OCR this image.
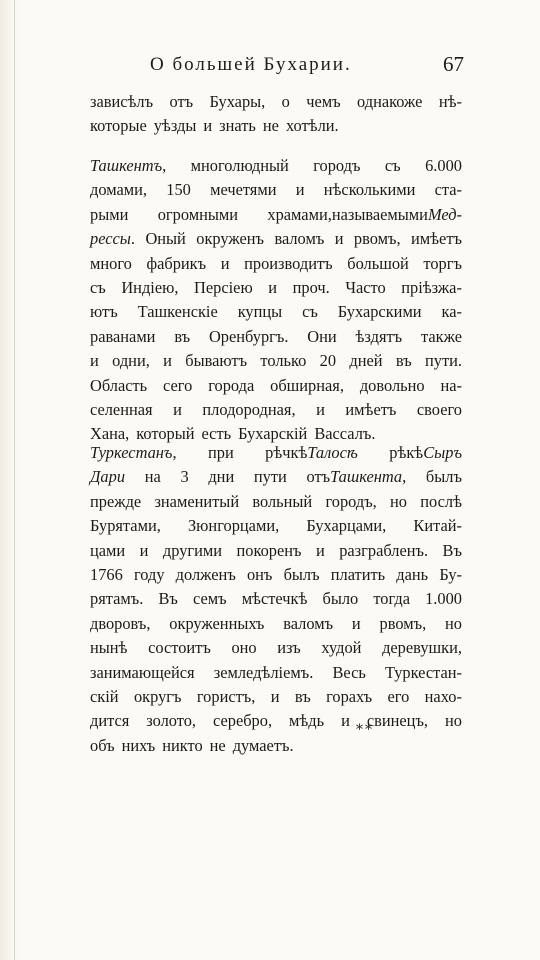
О большей Бухарии.	67
зависѣлъ отъ Бухары, о чемъ однакоже нѣ-
которые уѣзды и знать не хотѣли.
Ташкентъ, многолюдный городъ съ 6.000
домами, 150 мечетями и нѣсколькими ста-
рыми огромными храмами,называемымиМед-
рессы. Оный окруженъ валомъ и рвомъ, имѣетъ
много фабрикъ и производитъ большой торгъ
съ Индіею, Персіею и проч. Часто пріѣзжа-
ютъ Ташкенскіе купцы съ Бухарскими ка-
раванами въ Оренбургъ. Они ѣздятъ также
и одни, и бываютъ только 20 дней въ пути.
Область сего города обширная, довольно на-
селенная и плодородная, и имѣетъ своего
Хана, который есть Бухарскій Вассалъ.
Туркестанъ, при рѣчкѣТалосѣ рѣкѣСыръ
Дари на 3 дни пути отъТашкента, былъ
прежде знаменитый вольный городъ, но послѣ
Бурятами, Зюнгорцами, Бухарцами, Китай-
цами и другими покоренъ и разграбленъ. Въ
1766 году долженъ онъ былъ платить дань Бу-
рятамъ. Въ семъ мѣстечкѣ было тогда 1.000
дворовъ, окруженныхъ валомъ и рвомъ, но
нынѣ состоитъ оно изъ худой деревушки,
занимающейся земледѣліемъ. Весь Туркестан-
скій округъ гористъ, и въ горахъ его нахо-
дится золото, серебро, мѣдь и свинецъ, но
объ нихъ никто не думаетъ.
**
